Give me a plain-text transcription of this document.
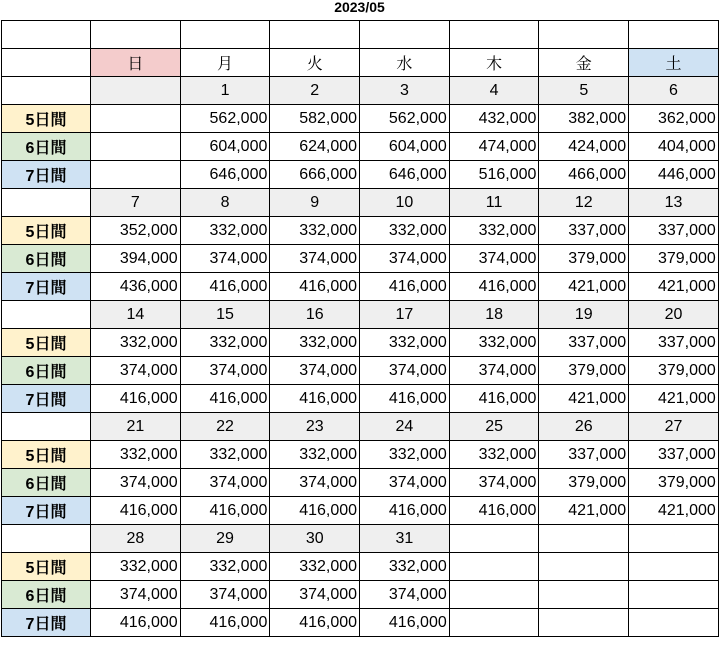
2023/05

	日	月	火	水	木	金	土
		1	2	3	4	5	6
5日間		562,000	582,000	562,000	432,000	382,000	362,000
6日間		604,000	624,000	604,000	474,000	424,000	404,000
7日間		646,000	666,000	646,000	516,000	466,000	446,000
	7	8	9	10	11	12	13
5日間	352,000	332,000	332,000	332,000	332,000	337,000	337,000
6日間	394,000	374,000	374,000	374,000	374,000	379,000	379,000
7日間	436,000	416,000	416,000	416,000	416,000	421,000	421,000
	14	15	16	17	18	19	20
5日間	332,000	332,000	332,000	332,000	332,000	337,000	337,000
6日間	374,000	374,000	374,000	374,000	374,000	379,000	379,000
7日間	416,000	416,000	416,000	416,000	416,000	421,000	421,000
	21	22	23	24	25	26	27
5日間	332,000	332,000	332,000	332,000	332,000	337,000	337,000
6日間	374,000	374,000	374,000	374,000	374,000	379,000	379,000
7日間	416,000	416,000	416,000	416,000	416,000	421,000	421,000
	28	29	30	31			
5日間	332,000	332,000	332,000	332,000			
6日間	374,000	374,000	374,000	374,000			
7日間	416,000	416,000	416,000	416,000			
